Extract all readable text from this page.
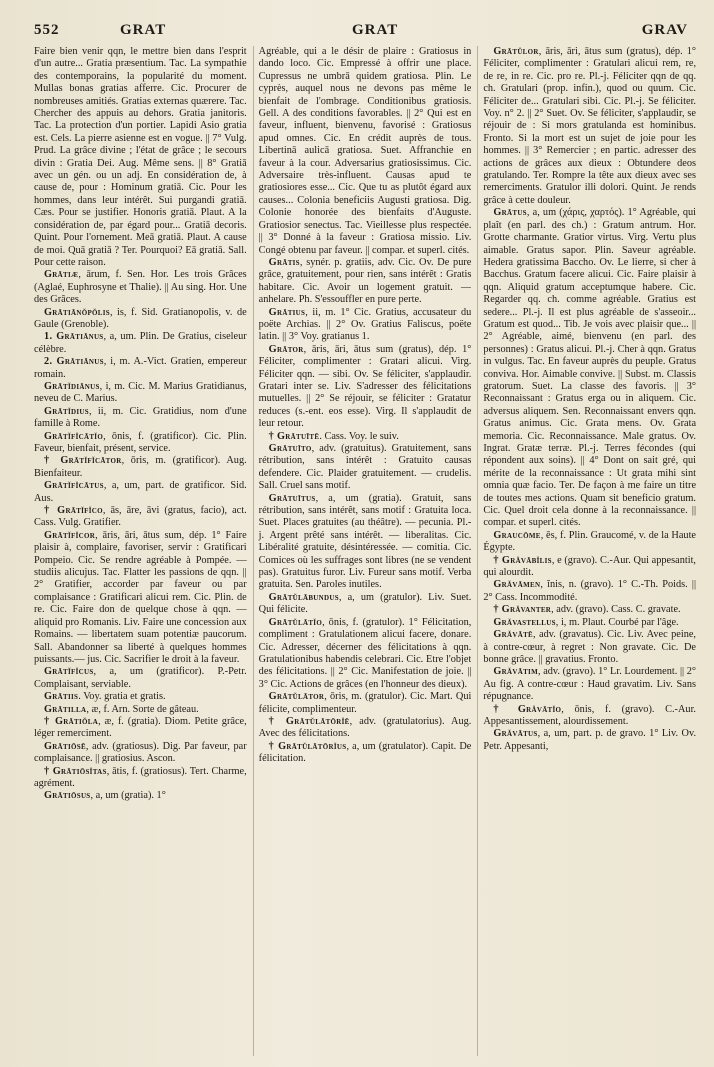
552	GRAT	GRAT	GRAV
Faire bien venir qqn, le mettre bien dans l'esprit d'un autre... Gratia præsentium. Tac. La sympathie des contemporains, la popularité du moment. Mullas bonas gratias afferre. Cic. Procurer de nombreuses amitiés. Gratias externas quærere. Tac. Chercher des appuis au dehors. Gratia janitoris. Tac. La protection d'un portier. Lapidi Asio gratia est. Cels. La pierre asienne est en vogue. || 7° Vulg. Prud. La grâce divine ; l'état de grâce ; le secours divin : Gratia Dei. Aug. Même sens. || 8° Gratiā avec un gén. ou un adj. En considération de, à cause de, pour : Hominum gratiā. Cic. Pour les hommes, dans leur intérêt. Sui purgandi gratiā. Cæs. Pour se justifier. Honoris gratiā. Plaut. A la considération de, par égard pour... Gratiā decoris. Quint. Pour l'ornement. Meā gratiā. Plaut. A cause de moi. Quā gratiā ? Ter. Pourquoi? Eā gratiā. Sall. Pour cette raison.
Grātiæ, ārum, f. Sen. Hor. Les trois Grâces (Aglaé, Euphrosyne et Thalie). || Au sing. Hor. Une des Grâces.
Grātiānŏpŏlis, is, f. Sid. Gratianopolis, v. de Gaule (Grenoble).
1. Grātiānus, a, um. Plin. De Gratius, ciseleur célèbre.
2. Grātiānus, i, m. A.-Vict. Gratien, empereur romain.
Grātĭdiānus, i, m. Cic. M. Marius Gratidianus, neveu de C. Marius.
Grātĭdius, ii, m. Cic. Gratidius, nom d'une famille à Rome.
Grātĭfĭcātĭo, ōnis, f. (gratificor). Cic. Plin. Faveur, bienfait, présent, service.
† Grātĭfĭcātor, ōris, m. (gratificor). Aug. Bienfaiteur.
Grātĭfĭcātus, a, um, part. de gratificor. Sid. Aus.
† Grātĭfĭco, ās, āre, āvi (gratus, facio), act. Cass. Vulg. Gratifier.
Grātĭfĭcor, āris, āri, ātus sum, dép. 1° Faire plaisir à, complaire, favoriser, servir : Gratificari Pompeio. Cic. Se rendre agréable à Pompée. — studiis alicujus. Tac. Flatter les passions de qqn. || 2° Gratifier, accorder par faveur ou par complaisance : Gratificari alicui rem. Cic. Plin. de re. Cic. Faire don de quelque chose à qqn. — aliquid pro Romanis. Liv. Faire une concession aux Romains. — libertatem suam potentiæ paucorum. Sall. Abandonner sa liberté à quelques hommes puissants.— jus. Cic. Sacrifier le droit à la faveur.
Grātĭfĭcus, a, um (gratificor). P.-Petr. Complaisant, serviable.
Grātiis. Voy. gratia et gratis.
Grātilla, æ, f. Arn. Sorte de gâteau.
† Grātiŏla, æ, f. (gratia). Diom. Petite grâce, léger remerciment.
Grātiōsē, adv. (gratiosus). Dig. Par faveur, par complaisance. || gratiosius. Ascon.
† Grātiōsĭtas, ātis, f. (gratiosus). Tert. Charme, agrément.
Grātiōsus, a, um (gratia). 1°
Agréable, qui a le désir de plaire : Gratiosus in dando loco. Cic. Empressé à offrir une place. Cupressus ne umbrā quidem gratiosa. Plin. Le cyprès, auquel nous ne devons pas même le bienfait de l'ombrage. Conditionibus gratiosis. Gell. A des conditions favorables. || 2° Qui est en faveur, influent, bienvenu, favorisé : Gratiosus apud omnes. Cic. En crédit auprès de tous. Libertinā aulicā gratiosa. Suet. Affranchie en faveur à la cour. Adversarius gratiosissimus. Cic. Adversaire très-influent. Causas apud te gratiosiores esse... Cic. Que tu as plutôt égard aux causes... Colonia beneficiis Augusti gratiosa. Dig. Colonie honorée des bienfaits d'Auguste. Gratiosior senectus. Tac. Vieillesse plus respectée. || 3° Donné à la faveur : Gratiosa missio. Liv. Congé obtenu par faveur. || compar. et superl. cités.
Grātis, synér. p. gratiis, adv. Cic. Ov. De pure grâce, gratuitement, pour rien, sans intérêt : Gratis habitare. Cic. Avoir un logement gratuit. — anhelare. Ph. S'essouffler en pure perte.
Grātius, ii, m. 1° Cic. Gratius, accusateur du poëte Archias. || 2° Ov. Gratius Faliscus, poëte latin. || 3° Voy. gratianus 1.
Grātor, āris, āri, ātus sum (gratus), dép. 1° Féliciter, complimenter : Gratari alicui. Virg. Féliciter qqn. — sibi. Ov. Se féliciter, s'applaudir. Gratari inter se. Liv. S'adresser des félicitations mutuelles. || 2° Se réjouir, se féliciter : Gratatur reduces (s.-ent. eos esse). Virg. Il s'applaudit de leur retour.
† Grātuītē. Cass. Voy. le suiv.
Grātuīto, adv. (gratuitus). Gratuitement, sans rétribution, sans intérêt : Gratuito causas defendere. Cic. Plaider gratuitement. — crudelis. Sall. Cruel sans motif.
Grātuītus, a, um (gratia). Gratuit, sans rétribution, sans intérêt, sans motif : Gratuita loca. Suet. Places gratuites (au théâtre). — pecunia. Pl.-j. Argent prêté sans intérêt. — liberalitas. Cic. Libéralité gratuite, désintéressée. — comitia. Cic. Comices où les suffrages sont libres (ne se vendent pas). Gratuitus furor. Liv. Fureur sans motif. Verba gratuita. Sen. Paroles inutiles.
Grātŭlābundus, a, um (gratulor). Liv. Suet. Qui félicite.
Grātŭlātĭo, ōnis, f. (gratulor). 1° Félicitation, compliment : Gratulationem alicui facere, donare. Cic. Adresser, décerner des félicitations à qqn. Gratulationibus habendis celebrari. Cic. Etre l'objet des félicitations. || 2° Cic. Manifestation de joie. || 3° Cic. Actions de grâces (en l'honneur des dieux).
Grātŭlātor, ōris, m. (gratulor). Cic. Mart. Qui félicite, complimenteur.
† Grātŭlātōrĭē, adv. (gratulatorius). Aug. Avec des félicitations.
† Grātŭlātōrĭus, a, um (gratulator). Capit. De félicitation.
Grātŭlor, āris, āri, ātus sum (gratus), dép. 1° Féliciter, complimenter : Gratulari alicui rem, re, de re, in re. Cic. pro re. Pl.-j. Féliciter qqn de qq. ch. Gratulari (prop. infin.), quod ou quum. Cic. Féliciter de... Gratulari sibi. Cic. Pl.-j. Se féliciter. Voy. n° 2. || 2° Suet. Ov. Se féliciter, s'applaudir, se réjouir de : Si mors gratulanda est hominibus. Fronto. Si la mort est un sujet de joie pour les hommes. || 3° Remercier ; en partic. adresser des actions de grâces aux dieux : Obtundere deos gratulando. Ter. Rompre la tête aux dieux avec ses remerciments. Gratulor illi dolori. Quint. Je rends grâce à cette douleur.
Grātus, a, um (χάρις, χαρτός). 1° Agréable, qui plaît (en parl. des ch.) : Gratum antrum. Hor. Grotte charmante. Gratior virtus. Virg. Vertu plus aimable. Gratus sapor. Plin. Saveur agréable. Hedera gratissima Baccho. Ov. Le lierre, si cher à Bacchus. Gratum facere alicui. Cic. Faire plaisir à qqn. Aliquid gratum acceptumque habere. Cic. Regarder qq. ch. comme agréable. Gratius est sedere... Pl.-j. Il est plus agréable de s'asseoir... Gratum est quod... Tib. Je vois avec plaisir que... || 2° Agréable, aimé, bienvenu (en parl. des personnes) : Gratus alicui. Pl.-j. Cher à qqn. Gratus in vulgus. Tac. En faveur auprès du peuple. Gratus conviva. Hor. Aimable convive. || Subst. m. Classis gratorum. Suet. La classe des favoris. || 3° Reconnaissant : Gratus erga ou in aliquem. Cic. adversus aliquem. Sen. Reconnaissant envers qqn. Gratus animus. Cic. Grata mens. Ov. Grata memoria. Cic. Reconnaissance. Male gratus. Ov. Ingrat. Gratæ terræ. Pl.-j. Terres fécondes (qui répondent aux soins). || 4° Dont on sait gré, qui mérite de la reconnaissance : Ut grata mihi sint omnia quæ facio. Ter. De façon à me faire un titre de toutes mes actions. Quam sit beneficio gratum. Cic. Quel droit cela donne à la reconnaissance. || compar. et superl. cités.
Graucōme, ēs, f. Plin. Graucomé, v. de la Haute Égypte.
† Grăvābĭlis, e (gravo). C.-Aur. Qui appesantit, qui alourdit.
Grăvāmen, ĭnis, n. (gravo). 1° C.-Th. Poids. || 2° Cass. Incommodité.
† Grăvanter, adv. (gravo). Cass. C. gravate.
Grăvastellus, i, m. Plaut. Courbé par l'âge.
Grăvātē, adv. (gravatus). Cic. Liv. Avec peine, à contre-cœur, à regret : Non gravate. Cic. De bonne grâce. || gravatius. Fronto.
Grăvātim, adv. (gravo). 1° Lr. Lourdement. || 2° Au fig. A contre-cœur : Haud gravatim. Liv. Sans répugnance.
† Grăvātĭo, ōnis, f. (gravo). C.-Aur. Appesantissement, alourdissement.
Grăvātus, a, um, part. p. de gravo. 1° Liv. Ov. Petr. Appesanti,
